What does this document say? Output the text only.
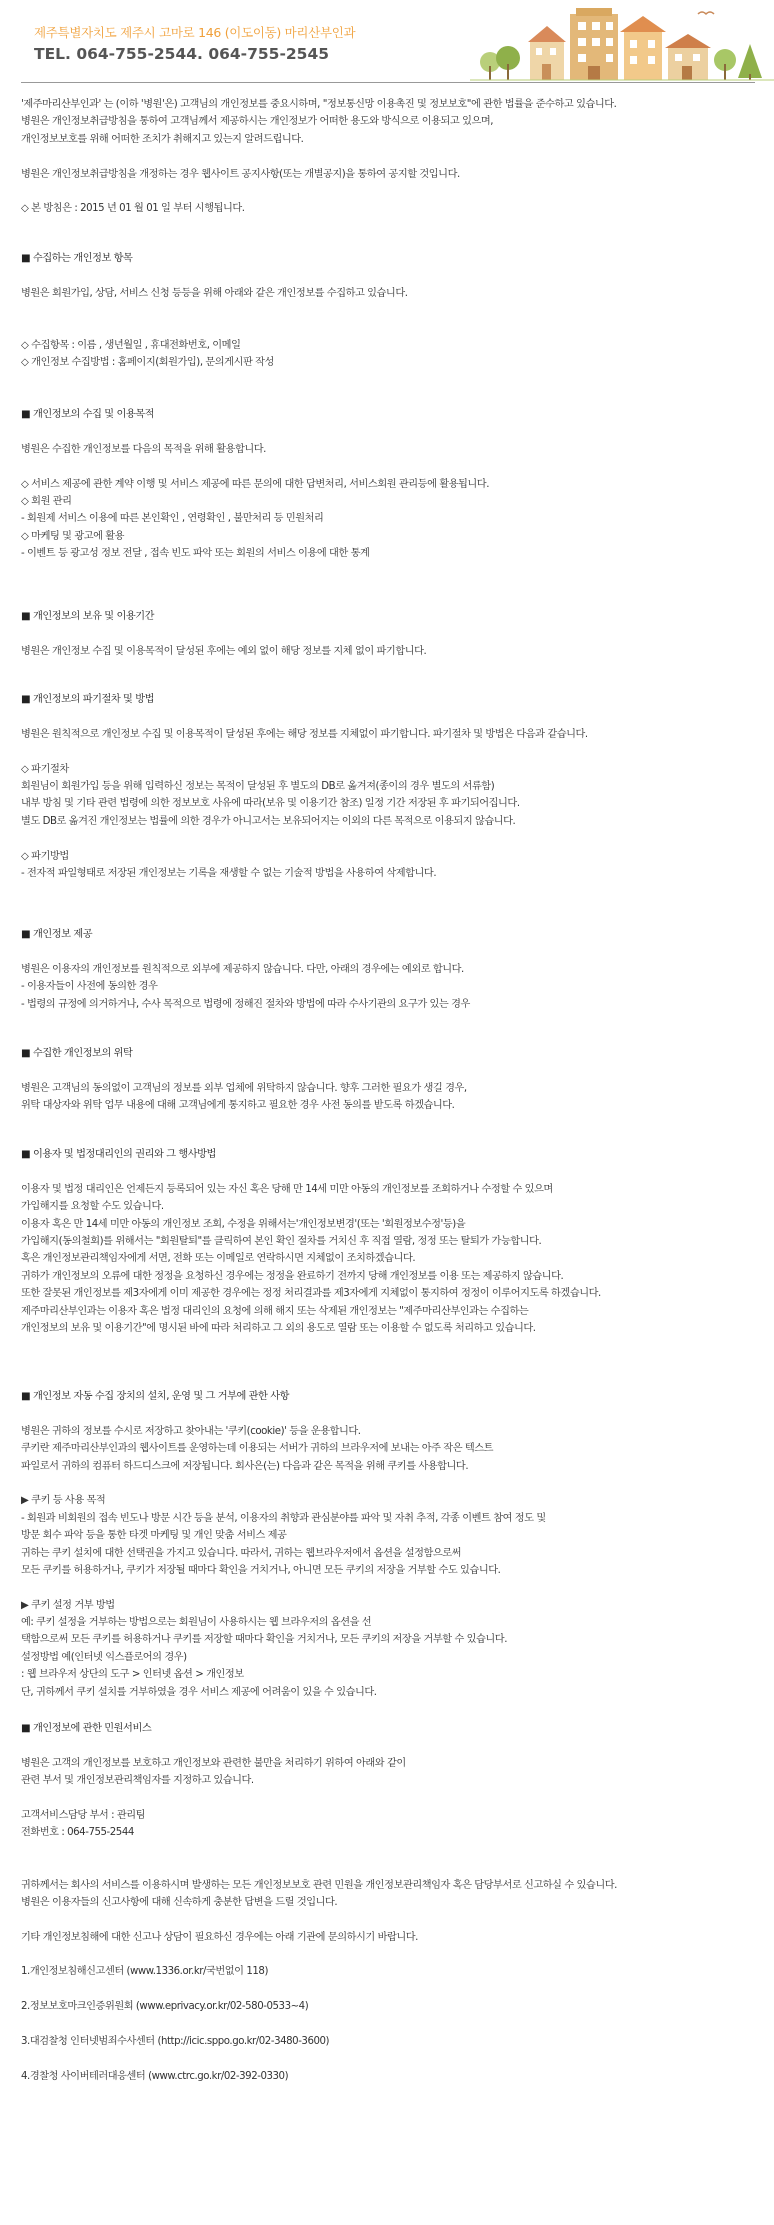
제주특별자치도 제주시 고마로 146 (이도이동) 마리산부인과
TEL. 064-755-2544. 064-755-2545
'제주마리산부인과' 는 (이하 '병원'은) 고객님의 개인정보를 중요시하며, "정보통신망 이용촉진 및 정보보호"에 관한 법률을 준수하고 있습니다.
병원은 개인정보취급방침을 통하여 고객님께서 제공하시는 개인정보가 어떠한 용도와 방식으로 이용되고 있으며,
개인정보보호를 위해 어떠한 조치가 취해지고 있는지 알려드립니다.
병원은 개인정보취급방침을 개정하는 경우 웹사이트 공지사항(또는 개별공지)을 통하여 공지할 것입니다.
◇ 본 방침은 : 2015 년 01 월 01 일 부터 시행됩니다.
■ 수집하는 개인정보 항목
병원은 회원가입, 상담, 서비스 신청 등등을 위해 아래와 같은 개인정보를 수집하고 있습니다.
◇ 수집항목 : 이름 , 생년월일 , 휴대전화번호, 이메일
◇ 개인정보 수집방법 : 홈페이지(회원가입), 문의게시판 작성
■ 개인정보의 수집 및 이용목적
병원은 수집한 개인정보를 다음의 목적을 위해 활용합니다.
◇ 서비스 제공에 관한 계약 이행 및 서비스 제공에 따른 문의에 대한 답변처리, 서비스회원 관리등에 활용됩니다.
◇ 회원 관리
- 회원제 서비스 이용에 따른 본인확인 , 연령확인 , 불만처리 등 민원처리
◇ 마케팅 및 광고에 활용
- 이벤트 등 광고성 정보 전달 , 접속 빈도 파악 또는 회원의 서비스 이용에 대한 통계
■ 개인정보의 보유 및 이용기간
병원은 개인정보 수집 및 이용목적이 달성된 후에는 예외 없이 해당 정보를 지체 없이 파기합니다.
■ 개인정보의 파기절차 및 방법
병원은 원칙적으로 개인정보 수집 및 이용목적이 달성된 후에는 해당 정보를 지체없이 파기합니다. 파기절차 및 방법은 다음과 같습니다.
◇ 파기절차
회원님이 회원가입 등을 위해 입력하신 정보는 목적이 달성된 후 별도의 DB로 옮겨져(종이의 경우 별도의 서류함)
내부 방침 및 기타 관련 법령에 의한 정보보호 사유에 따라(보유 및 이용기간 참조) 일정 기간 저장된 후 파기되어집니다.
별도 DB로 옮겨진 개인정보는 법률에 의한 경우가 아니고서는 보유되어지는 이외의 다른 목적으로 이용되지 않습니다.
◇ 파기방법
- 전자적 파일형태로 저장된 개인정보는 기록을 재생할 수 없는 기술적 방법을 사용하여 삭제합니다.
■ 개인정보 제공
병원은 이용자의 개인정보를 원칙적으로 외부에 제공하지 않습니다. 다만, 아래의 경우에는 예외로 합니다.
- 이용자들이 사전에 동의한 경우
- 법령의 규정에 의거하거나, 수사 목적으로 법령에 정해진 절차와 방법에 따라 수사기관의 요구가 있는 경우
■ 수집한 개인정보의 위탁
병원은 고객님의 동의없이 고객님의 정보를 외부 업체에 위탁하지 않습니다. 향후 그러한 필요가 생길 경우,
위탁 대상자와 위탁 업무 내용에 대해 고객님에게 통지하고 필요한 경우 사전 동의를 받도록 하겠습니다.
■ 이용자 및 법정대리인의 권리와 그 행사방법
이용자 및 법정 대리인은 언제든지 등록되어 있는 자신 혹은 당해 만 14세 미만 아동의 개인정보를 조회하거나 수정할 수 있으며
가입해지를 요청할 수도 있습니다.
이용자 혹은 만 14세 미만 아동의 개인정보 조회, 수정을 위해서는'개인정보변경'(또는 '회원정보수정'등)을
가입해지(동의철회)를 위해서는 "회원탈퇴"를 클릭하여 본인 확인 절차를 거치신 후 직접 열람, 정정 또는 탈퇴가 가능합니다.
혹은 개인정보관리책임자에게 서면, 전화 또는 이메일로 연락하시면 지체없이 조치하겠습니다.
귀하가 개인정보의 오류에 대한 정정을 요청하신 경우에는 정정을 완료하기 전까지 당해 개인정보를 이용 또는 제공하지 않습니다.
또한 잘못된 개인정보를 제3자에게 이미 제공한 경우에는 정정 처리결과를 제3자에게 지체없이 통지하여 정정이 이루어지도록 하겠습니다.
제주마리산부인과는 이용자 혹은 법정 대리인의 요청에 의해 해지 또는 삭제된 개인정보는 "제주마리산부인과는 수집하는
개인정보의 보유 및 이용기간"에 명시된 바에 따라 처리하고 그 외의 용도로 열람 또는 이용할 수 없도록 처리하고 있습니다.
■ 개인정보 자동 수집 장치의 설치, 운영 및 그 거부에 관한 사항
병원은 귀하의 정보를 수시로 저장하고 찾아내는 '쿠키(cookie)' 등을 운용합니다.
쿠키란 제주마리산부인과의 웹사이트를 운영하는데 이용되는 서버가 귀하의 브라우저에 보내는 아주 작은 텍스트
파일로서 귀하의 컴퓨터 하드디스크에 저장됩니다. 회사은(는) 다음과 같은 목적을 위해 쿠키를 사용합니다.
▶ 쿠키 등 사용 목적
- 회원과 비회원의 접속 빈도나 방문 시간 등을 분석, 이용자의 취향과 관심분야를 파악 및 자취 추적, 각종 이벤트 참여 정도 및
방문 회수 파악 등을 통한 타겟 마케팅 및 개인 맞춤 서비스 제공
귀하는 쿠키 설치에 대한 선택권을 가지고 있습니다. 따라서, 귀하는 웹브라우저에서 옵션을 설정함으로써
모든 쿠키를 허용하거나, 쿠키가 저장될 때마다 확인을 거치거나, 아니면 모든 쿠키의 저장을 거부할 수도 있습니다.
▶ 쿠키 설정 거부 방법
예: 쿠키 설정을 거부하는 방법으로는 회원님이 사용하시는 웹 브라우저의 옵션을 선
택함으로써 모든 쿠키를 허용하거나 쿠키를 저장할 때마다 확인을 거치거나, 모든 쿠키의 저장을 거부할 수 있습니다.
설정방법 예(인터넷 익스플로어의 경우)
: 웹 브라우저 상단의 도구 > 인터넷 옵션 > 개인정보
단, 귀하께서 쿠키 설치를 거부하였을 경우 서비스 제공에 어려움이 있을 수 있습니다.
■ 개인정보에 관한 민원서비스
병원은 고객의 개인정보를 보호하고 개인정보와 관련한 불만을 처리하기 위하여 아래와 같이
관련 부서 및 개인정보관리책임자를 지정하고 있습니다.
고객서비스담당 부서 : 관리팀
전화번호 : 064-755-2544
귀하께서는 회사의 서비스를 이용하시며 발생하는 모든 개인정보보호 관련 민원을 개인정보관리책임자 혹은 담당부서로 신고하실 수 있습니다.
병원은 이용자들의 신고사항에 대해 신속하게 충분한 답변을 드릴 것입니다.
기타 개인정보침해에 대한 신고나 상담이 필요하신 경우에는 아래 기관에 문의하시기 바랍니다.
1.개인정보침해신고센터 (www.1336.or.kr/국번없이 118)
2.정보보호마크인증위원회 (www.eprivacy.or.kr/02-580-0533~4)
3.대검찰청 인터넷범죄수사센터 (http://icic.sppo.go.kr/02-3480-3600)
4.경찰청 사이버테러대응센터 (www.ctrc.go.kr/02-392-0330)
